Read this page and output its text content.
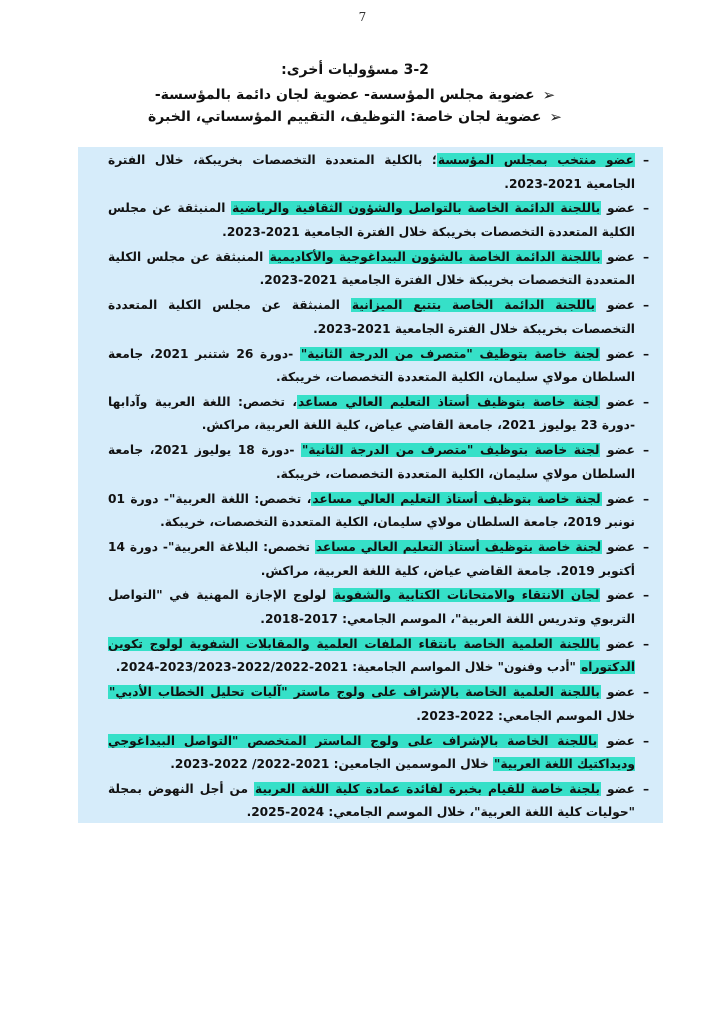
7
3-2 مسؤوليات أخرى:
➢
عضوية مجلس المؤسسة- عضوية لجان دائمة بالمؤسسة-
➢
عضوية لجان خاصة: التوظيف، التقييم المؤسساتي، الخبرة
–
عضو منتخب بمجلس المؤسسة؛ بالكلية المتعددة التخصصات بخريبكة، خلال الفترة الجامعية 2021-2023.
–
عضو باللجنة الدائمة الخاصة بالتواصل والشؤون الثقافية والرياضية المنبثقة عن مجلس الكلية المتعددة التخصصات بخريبكة خلال الفترة الجامعية 2021-2023.
–
عضو باللجنة الدائمة الخاصة بالشؤون البيداغوجية والأكاديمية المنبثقة عن مجلس الكلية المتعددة التخصصات بخريبكة خلال الفترة الجامعية 2021-2023.
–
عضو باللجنة الدائمة الخاصة بتتبع الميزانية المنبثقة عن مجلس الكلية المتعددة التخصصات بخريبكة خلال الفترة الجامعية 2021-2023.
–
عضو لجنة خاصة بتوظيف "متصرف من الدرجة الثانية" -دورة 26 شتنبر 2021، جامعة السلطان مولاي سليمان، الكلية المتعددة التخصصات، خريبكة.
–
عضو لجنة خاصة بتوظيف أستاذ التعليم العالي مساعد، تخصص: اللغة العربية وآدابها -دورة 23 يوليوز 2021، جامعة القاضي عياض، كلية اللغة العربية، مراكش.
–
عضو لجنة خاصة بتوظيف "متصرف من الدرجة الثانية" -دورة 18 يوليوز 2021، جامعة السلطان مولاي سليمان، الكلية المتعددة التخصصات، خريبكة.
–
عضو لجنة خاصة بتوظيف أستاذ التعليم العالي مساعد، تخصص: اللغة العربية"- دورة 01 نونبر 2019، جامعة السلطان مولاي سليمان، الكلية المتعددة التخصصات، خريبكة.
–
عضو لجنة خاصة بتوظيف أستاذ التعليم العالي مساعد تخصص: البلاغة العربية"- دورة 14 أكتوبر 2019. جامعة القاضي عياض، كلية اللغة العربية، مراكش.
–
عضو لجان الانتقاء والامتحانات الكتابية والشفوية لولوج الإجازة المهنية في "التواصل التربوي وتدريس اللغة العربية"، الموسم الجامعي: 2017-2018.
–
عضو باللجنة العلمية الخاصة بانتقاء الملفات العلمية والمقابلات الشفوية لولوج تكوين الدكتوراه "أدب وفنون" خلال المواسم الجامعية: 2021-2022/2022-2023/2023-2024.
–
عضو باللجنة العلمية الخاصة بالإشراف على ولوج ماستر "آليات تحليل الخطاب الأدبي" خلال الموسم الجامعي: 2022-2023.
–
عضو باللجنة الخاصة بالإشراف على ولوج الماستر المتخصص "التواصل البيداغوجي وديداكتيك اللغة العربية" خلال الموسمين الجامعين: 2021-2022/ 2022-2023.
–
عضو بلجنة خاصة للقيام بخبرة لفائدة عمادة كلية اللغة العربية من أجل النهوض بمجلة "حوليات كلية اللغة العربية"، خلال الموسم الجامعي: 2024-2025.
